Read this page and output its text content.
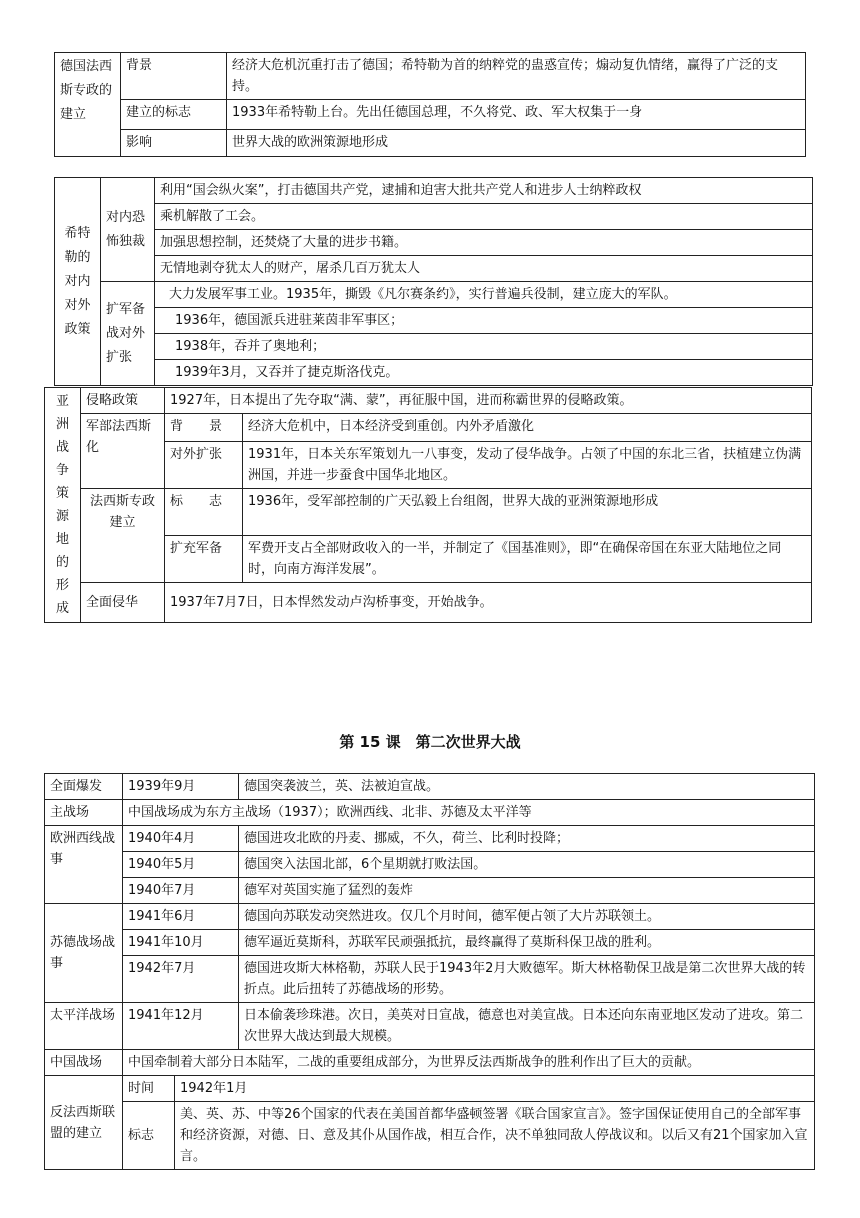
德国法西斯专政的建立	背景	经济大危机沉重打击了德国；希特勒为首的纳粹党的蛊惑宣传；煽动复仇情绪，赢得了广泛的支持。
	建立的标志	1933年希特勒上台。先出任德国总理，不久将党、政、军大权集于一身
	影响	世界大战的欧洲策源地形成
希特勒的对内对外政策	对内恐怖独裁	利用“国会纵火案”，打击德国共产党，逮捕和迫害大批共产党人和进步人士纳粹政权
		乘机解散了工会。
		加强思想控制，还焚烧了大量的进步书籍。
		无情地剥夺犹太人的财产，屠杀几百万犹太人
	扩军备战对外扩张	大力发展军事工业。1935年，撕毁《凡尔赛条约》，实行普遍兵役制，建立庞大的军队。
		1936年，德国派兵进驻莱茵非军事区；
		1938年，吞并了奥地利；
		1939年3月，又吞并了捷克斯洛伐克。
亚洲战争策源地的形成	侵略政策	1927年，日本提出了先夺取“满、蒙”，再征服中国，进而称霸世界的侵略政策。	
	军部法西斯化	背　　景	经济大危机中，日本经济受到重创。内外矛盾激化
		对外扩张	1931年，日本关东军策划九一八事变，发动了侵华战争。占领了中国的东北三省，扶植建立伪满洲国，并进一步蚕食中国华北地区。
	法西斯专政建立	标　　志	1936年，受军部控制的广天弘毅上台组阁，世界大战的亚洲策源地形成
		扩充军备	军费开支占全部财政收入的一半，并制定了《国基准则》，即“在确保帝国在东亚大陆地位之同时，向南方海洋发展”。
	全面侵华	1937年7月7日，日本悍然发动卢沟桥事变，开始战争。	

第 15 课　第二次世界大战
全面爆发	1939年9月		德国突袭波兰，英、法被迫宣战。
主战场	中国战场成为东方主战场（1937）；欧洲西线、北非、苏德及太平洋等		
欧洲西线战事	1940年4月		德国进攻北欧的丹麦、挪威，不久，荷兰、比利时投降；
	1940年5月		德国突入法国北部，6个星期就打败法国。
	1940年7月		德军对英国实施了猛烈的轰炸
苏德战场战事	1941年6月		德国向苏联发动突然进攻。仅几个月时间，德军便占领了大片苏联领土。
	1941年10月		德军逼近莫斯科，苏联军民顽强抵抗，最终赢得了莫斯科保卫战的胜利。
	1942年7月		德国进攻斯大林格勒，苏联人民于1943年2月大败德军。斯大林格勒保卫战是第二次世界大战的转折点。此后扭转了苏德战场的形势。
太平洋战场	1941年12月		日本偷袭珍珠港。次日，美英对日宣战，德意也对美宣战。日本还向东南亚地区发动了进攻。第二次世界大战达到最大规模。
中国战场	中国牵制着大部分日本陆军，二战的重要组成部分，为世界反法西斯战争的胜利作出了巨大的贡献。		
反法西斯联盟的建立	时间	1942年1月	
	标志	美、英、苏、中等26个国家的代表在美国首都华盛顿签署《联合国家宣言》。签字国保证使用自己的全部军事和经济资源，对德、日、意及其仆从国作战，相互合作，决不单独同敌人停战议和。以后又有21个国家加入宣言。	
